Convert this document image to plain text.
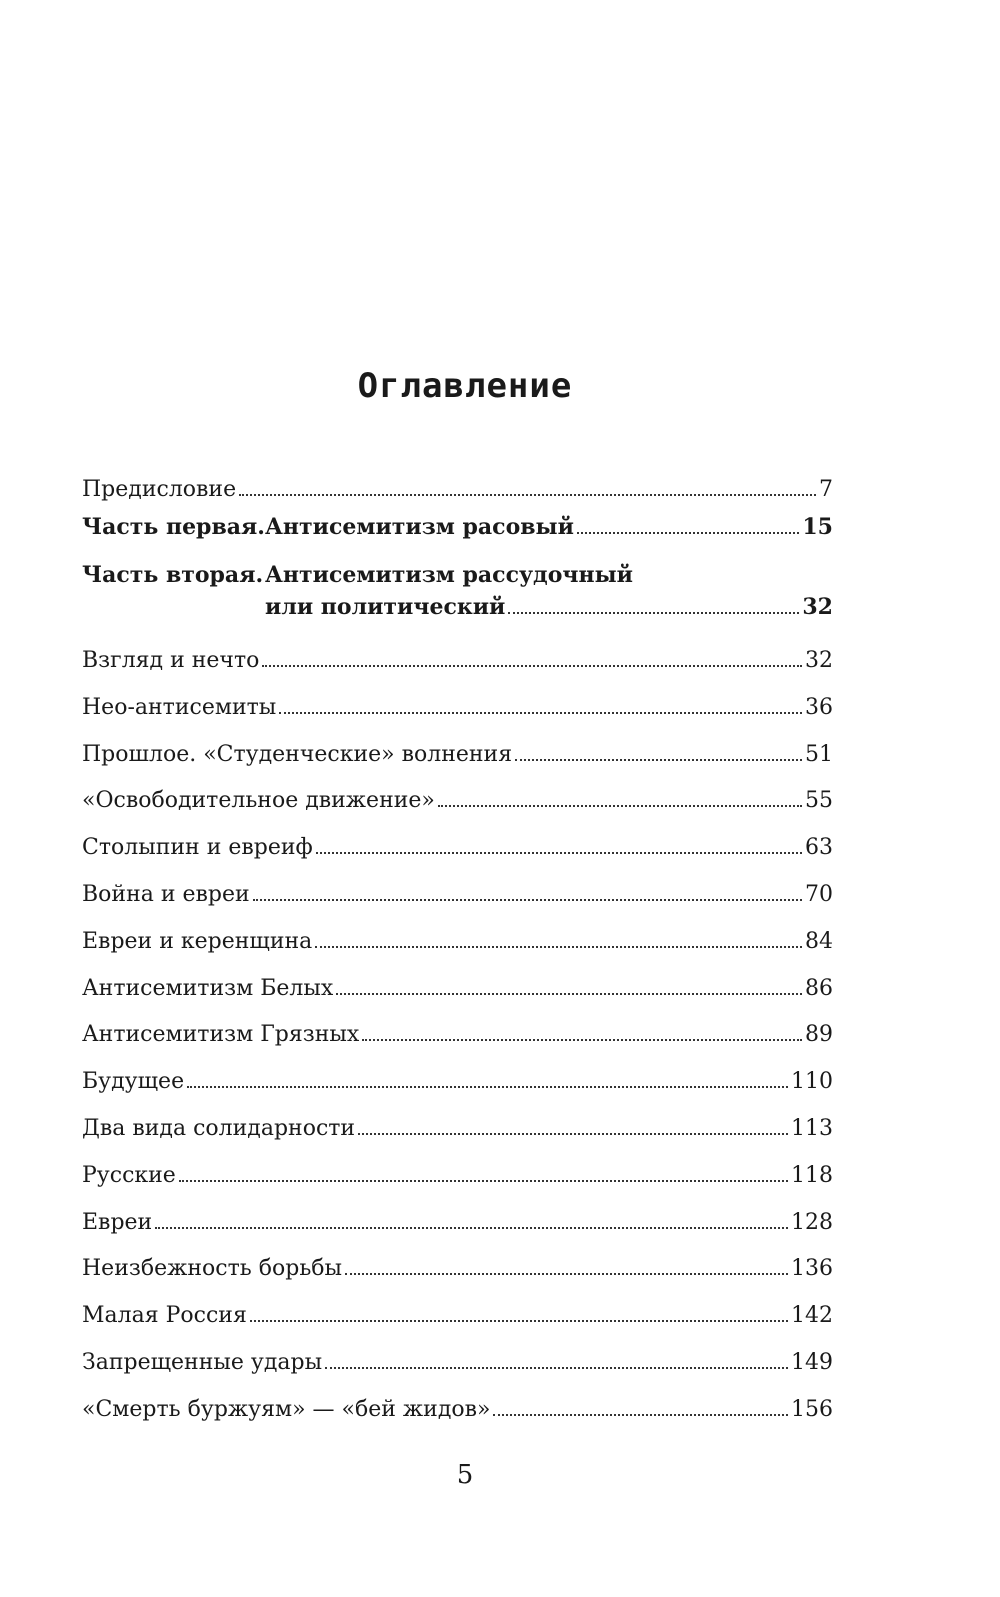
Оглавление
Предисловие	7
Часть первая.Антисемитизм расовый	15
Часть вторая.Антисемитизм рассудочный
или политический	32
Взгляд и нечто	32
Нео-антисемиты	36
Прошлое. «Студенческие» волнения	51
«Освободительное движение»	55
Столыпин и евреиф	63
Война и евреи	70
Евреи и керенщина	84
Антисемитизм Белых	86
Антисемитизм Грязных	89
Будущее	110
Два вида солидарности	113
Русские	118
Евреи	128
Неизбежность борьбы	136
Малая Россия	142
Запрещенные удары	149
«Смерть буржуям» — «бей жидов»	156
5
